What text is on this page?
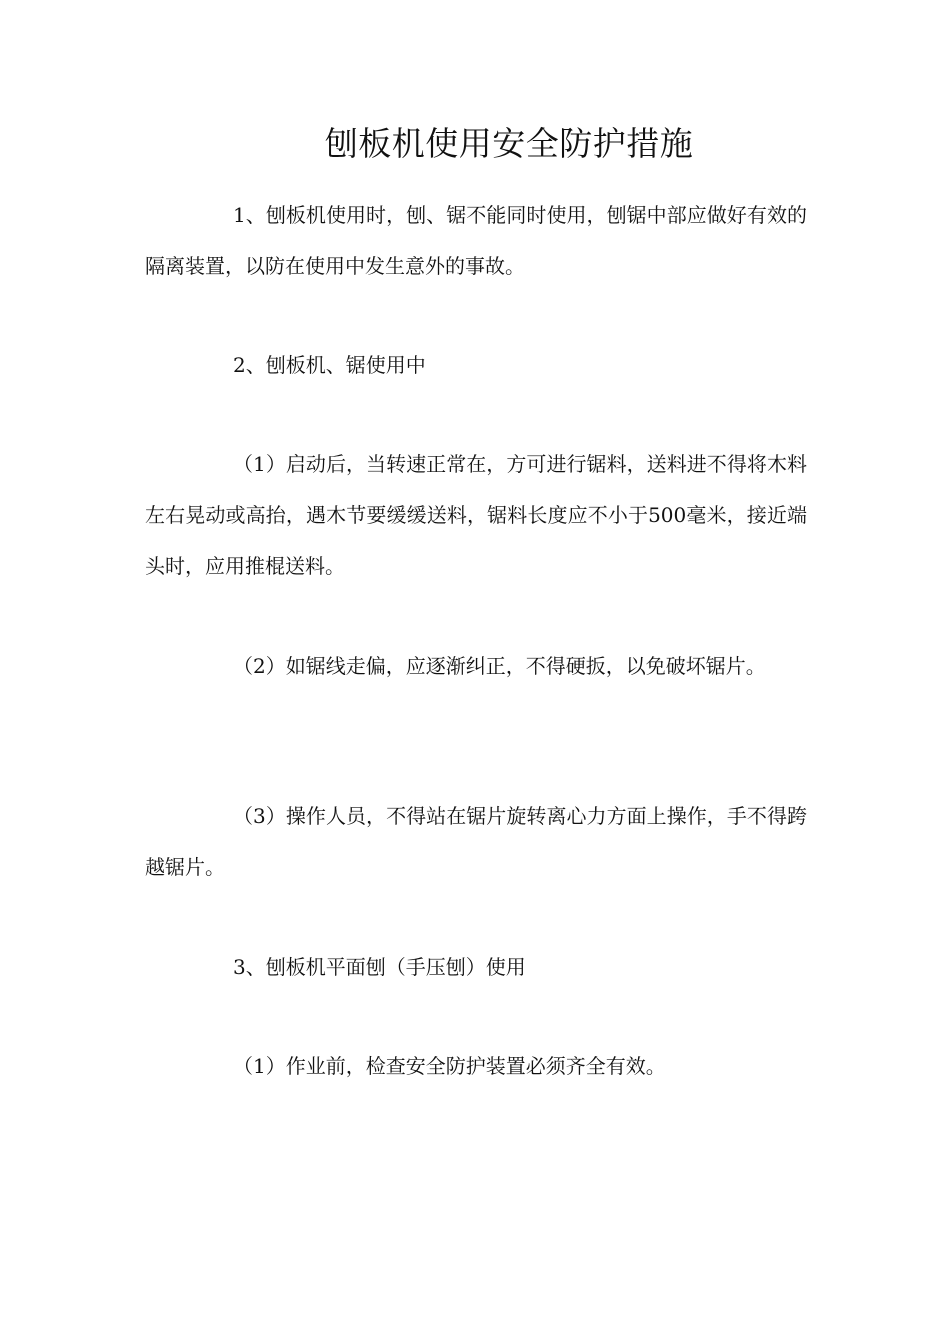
刨板机使用安全防护措施

1、刨板机使用时，刨、锯不能同时使用，刨锯中部应做好有效的隔离装置，以防在使用中发生意外的事故。

2、刨板机、锯使用中

（1）启动后，当转速正常在，方可进行锯料，送料进不得将木料左右晃动或高抬，遇木节要缓缓送料，锯料长度应不小于500毫米，接近端头时，应用推棍送料。

（2）如锯线走偏，应逐渐纠正，不得硬扳，以免破坏锯片。

（3）操作人员，不得站在锯片旋转离心力方面上操作，手不得跨越锯片。

3、刨板机平面刨（手压刨）使用

（1）作业前，检查安全防护装置必须齐全有效。
